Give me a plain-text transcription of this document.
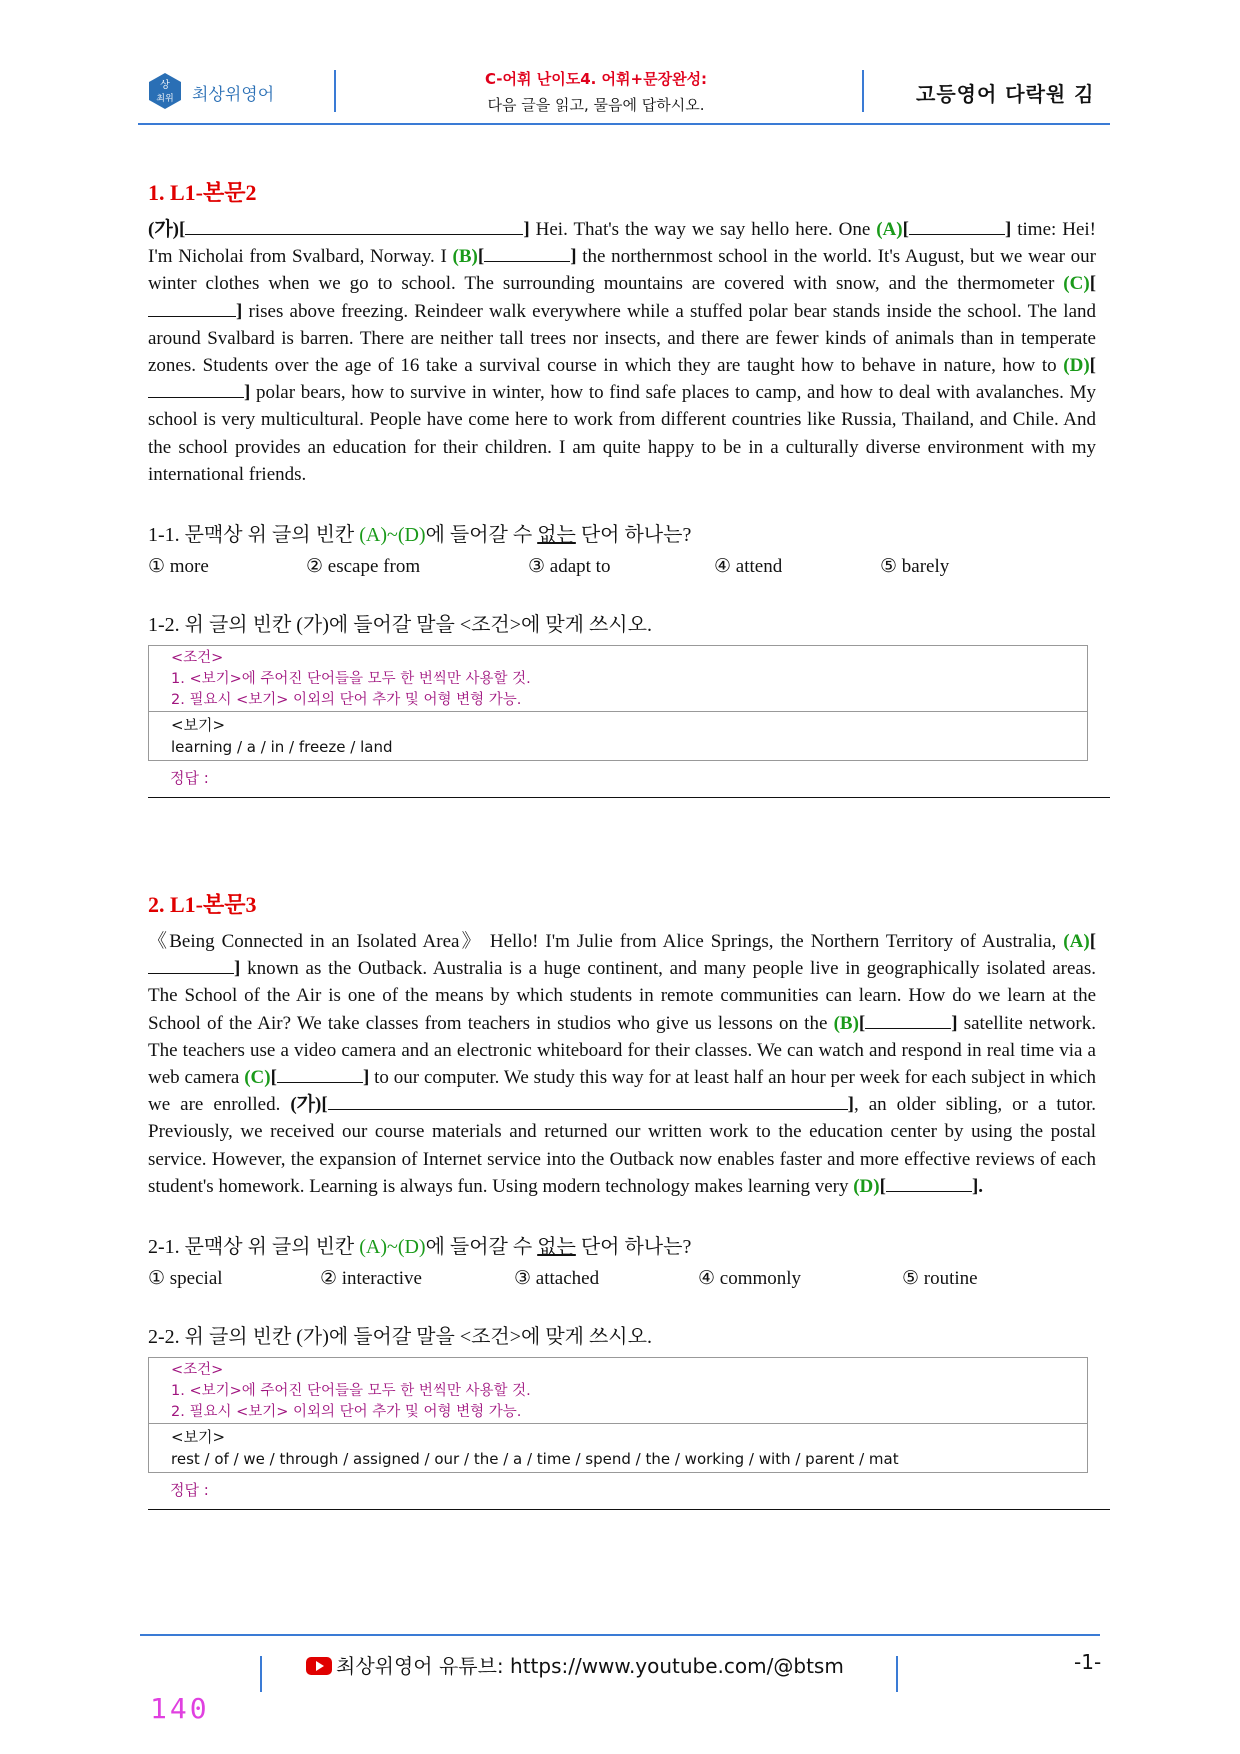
상
최위 최상위영어
C-어휘 난이도4. 어휘+문장완성:
다음 글을 읽고, 물음에 답하시오.	고등영어 다락원 김
1. L1-본문2

(가)[	] Hei. That's the way we say hello here. One (A)[	] time: Hei! I'm Nicholai from Svalbard, Norway. I (B)[	] the northernmost school in the world. It's August, but we wear our winter clothes when we go to school. The surrounding mountains are covered with snow, and the thermometer (C)[] rises above freezing. Reindeer walk everywhere while a stuffed polar bear stands inside the school. The land around Svalbard is barren. There are neither tall trees nor insects, and there are fewer kinds of animals than in temperate zones. Students over the age of 16 take a survival course in which they are taught how to behave in nature, how to (D)[] polar bears, how to survive in winter, how to find safe places to camp, and how to deal with avalanches. My school is very multicultural. People have come here to work from different countries like Russia, Thailand, and Chile. And the school provides an education for their children. I am quite happy to be in a culturally diverse environment with my international friends.

1-1. 문맥상 위 글의 빈칸 (A)~(D)에 들어갈 수 없는 단어 하나는?

① more	② escape from	③ adapt to	④ attend	⑤ barely

1-2. 위 글의 빈칸 (가)에 들어갈 말을 <조건>에 맞게 쓰시오.

<조건>
1. <보기>에 주어진 단어들을 모두 한 번씩만 사용할 것.
2. 필요시 <보기> 이외의 단어 추가 및 어형 변형 가능.
<보기>
learning / a / in / freeze / land
정답 :
2. L1-본문3

《Being Connected in an Isolated Area》 Hello! I'm Julie from Alice Springs, the Northern Territory of Australia, (A)[] known as the Outback. Australia is a huge continent, and many people live in geographically isolated areas. The School of the Air is one of the means by which students in remote communities can learn. How do we learn at the School of the Air? We take classes from teachers in studios who give us lessons on the (B)[	] satellite network. The teachers use a video camera and an electronic whiteboard for their classes. We can watch and respond in real time via a web camera (C)[	] to our computer. We study this way for at least half an hour per week for each subject in which we are enrolled. (가)[	], an older sibling, or a tutor. Previously, we received our course materials and returned our written work to the education center by using the postal service. However, the expansion of Internet service into the Outback now enables faster and more effective reviews of each student's homework. Learning is always fun. Using modern technology makes learning very (D)[	].

2-1. 문맥상 위 글의 빈칸 (A)~(D)에 들어갈 수 없는 단어 하나는?

① special	② interactive	③ attached	④ commonly	⑤ routine

2-2. 위 글의 빈칸 (가)에 들어갈 말을 <조건>에 맞게 쓰시오.

<조건>
1. <보기>에 주어진 단어들을 모두 한 번씩만 사용할 것.
2. 필요시 <보기> 이외의 단어 추가 및 어형 변형 가능.
<보기>
rest / of / we / through / assigned / our / the / a / time / spend / the / working / with / parent / mat
정답 :
최상위영어 유튜브: https://www.youtube.com/@btsm	-1-
140
